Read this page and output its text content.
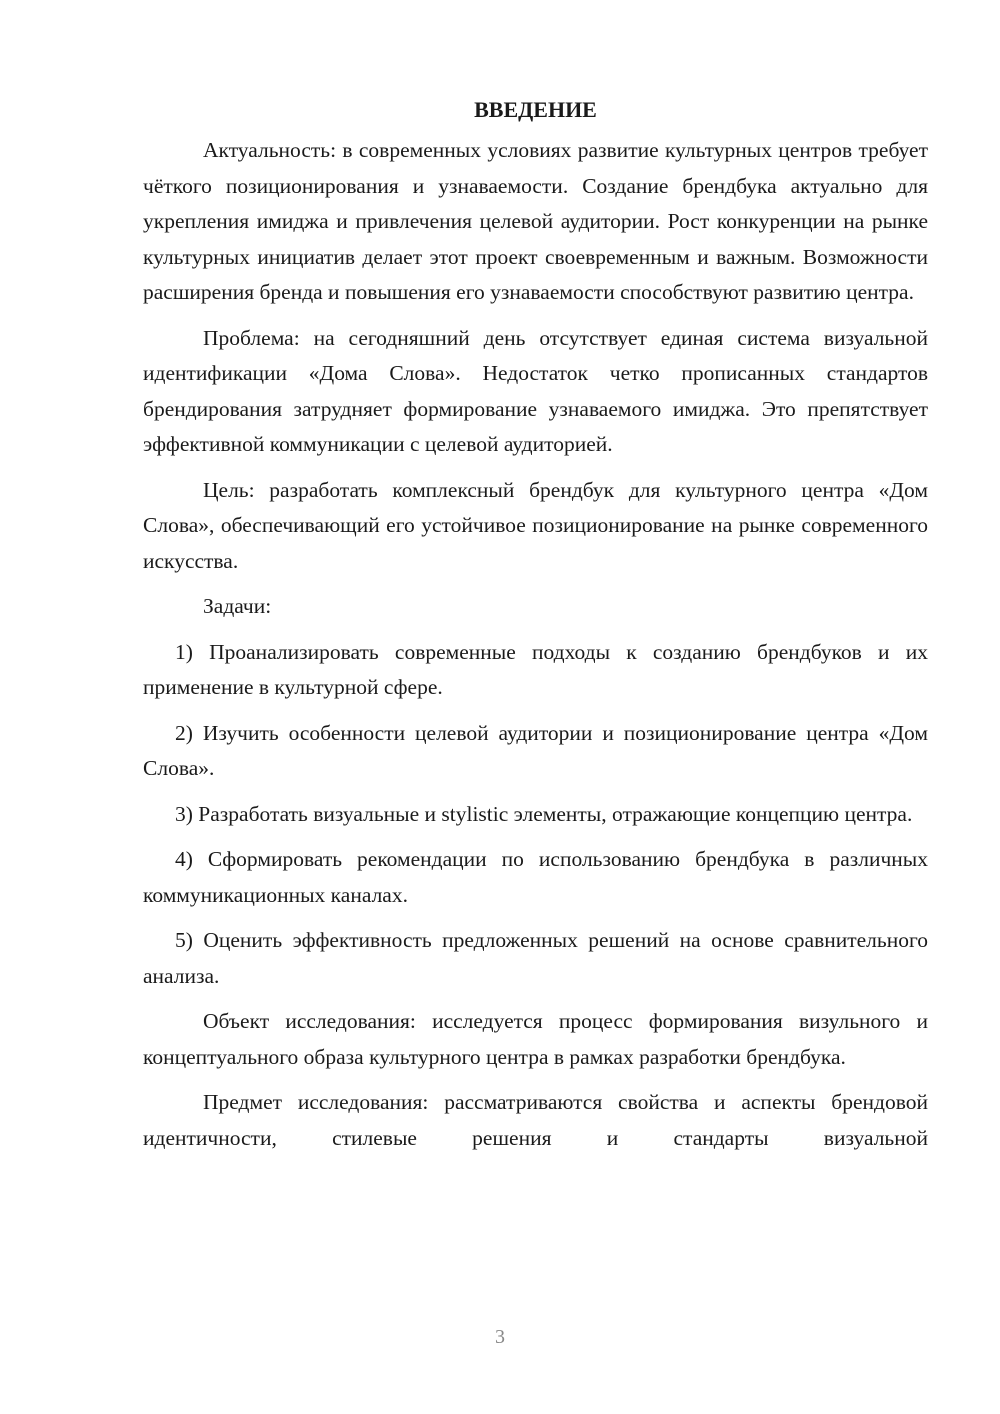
ВВЕДЕНИЕ

Актуальность: в современных условиях развитие культурных центров требует чёткого позиционирования и узнаваемости. Создание брендбука актуально для укрепления имиджа и привлечения целевой аудитории. Рост конкуренции на рынке культурных инициатив делает этот проект своевременным и важным. Возможности расширения бренда и повышения его узнаваемости способствуют развитию центра.

Проблема: на сегодняшний день отсутствует единая система визуальной идентификации «Дома Слова». Недостаток четко прописанных стандартов брендирования затрудняет формирование узнаваемого имиджа. Это препятствует эффективной коммуникации с целевой аудиторией.

Цель: разработать комплексный брендбук для культурного центра «Дом Слова», обеспечивающий его устойчивое позиционирование на рынке современного искусства.

Задачи:

1) Проанализировать современные подходы к созданию брендбуков и их применение в культурной сфере.

2) Изучить особенности целевой аудитории и позиционирование центра «Дом Слова».

3) Разработать визуальные и stylistic элементы, отражающие концепцию центра.

4) Сформировать рекомендации по использованию брендбука в различных коммуникационных каналах.

5) Оценить эффективность предложенных решений на основе сравнительного анализа.

Объект исследования: исследуется процесс формирования визульного и концептуального образа культурного центра в рамках разработки брендбука.

Предмет исследования: рассматриваются свойства и аспекты брендовой идентичности, стилевые решения и стандарты визуальной

3
